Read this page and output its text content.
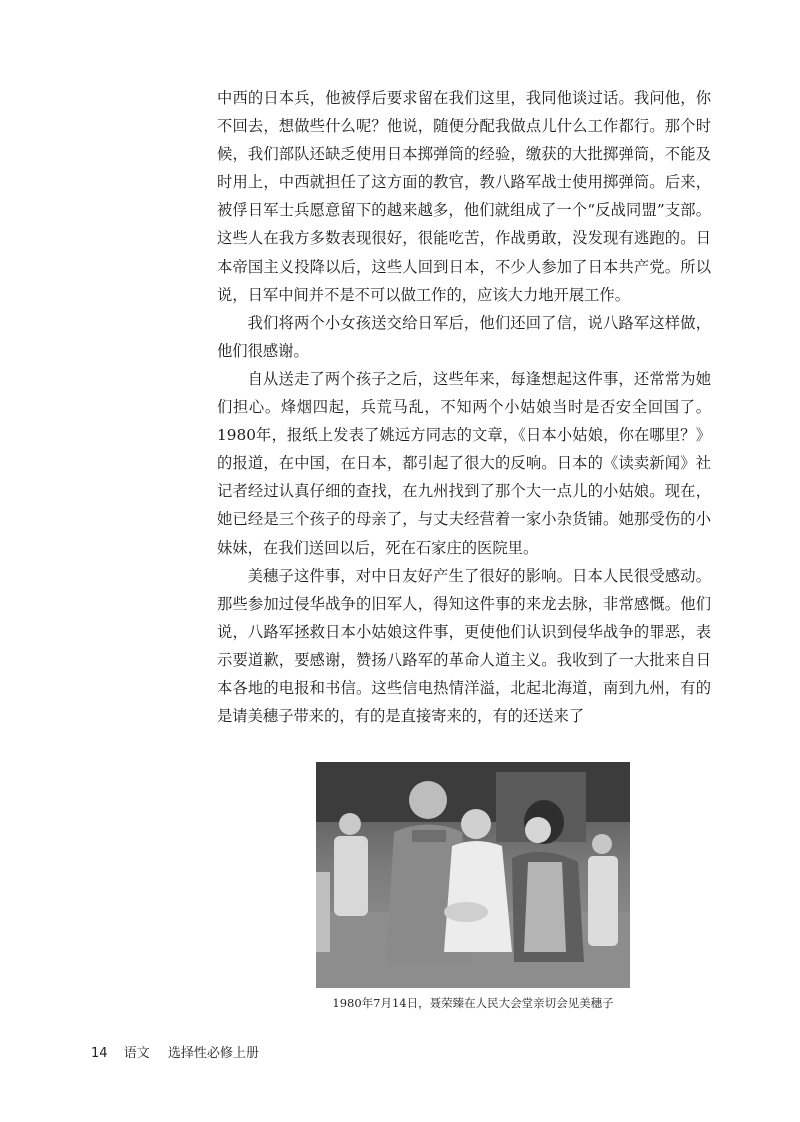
中西的日本兵，他被俘后要求留在我们这里，我同他谈过话。我问他，你不回去，想做些什么呢？他说，随便分配我做点儿什么工作都行。那个时候，我们部队还缺乏使用日本掷弹筒的经验，缴获的大批掷弹筒，不能及时用上，中西就担任了这方面的教官，教八路军战士使用掷弹筒。后来，被俘日军士兵愿意留下的越来越多，他们就组成了一个“反战同盟”支部。这些人在我方多数表现很好，很能吃苦，作战勇敢，没发现有逃跑的。日本帝国主义投降以后，这些人回到日本，不少人参加了日本共产党。所以说，日军中间并不是不可以做工作的，应该大力地开展工作。

我们将两个小女孩送交给日军后，他们还回了信，说八路军这样做，他们很感谢。

自从送走了两个孩子之后，这些年来，每逢想起这件事，还常常为她们担心。烽烟四起，兵荒马乱，不知两个小姑娘当时是否安全回国了。1980年，报纸上发表了姚远方同志的文章，《日本小姑娘，你在哪里？》的报道，在中国，在日本，都引起了很大的反响。日本的《读卖新闻》社记者经过认真仔细的查找，在九州找到了那个大一点儿的小姑娘。现在，她已经是三个孩子的母亲了，与丈夫经营着一家小杂货铺。她那受伤的小妹妹，在我们送回以后，死在石家庄的医院里。

美穗子这件事，对中日友好产生了很好的影响。日本人民很受感动。那些参加过侵华战争的旧军人，得知这件事的来龙去脉，非常感慨。他们说，八路军拯救日本小姑娘这件事，更使他们认识到侵华战争的罪恶，表示要道歉，要感谢，赞扬八路军的革命人道主义。我收到了一大批来自日本各地的电报和书信。这些信电热情洋溢，北起北海道，南到九州，有的是请美穗子带来的，有的是直接寄来的，有的还送来了

1980年7月14日，聂荣臻在人民大会堂亲切会见美穗子
14 语文 选择性必修上册
